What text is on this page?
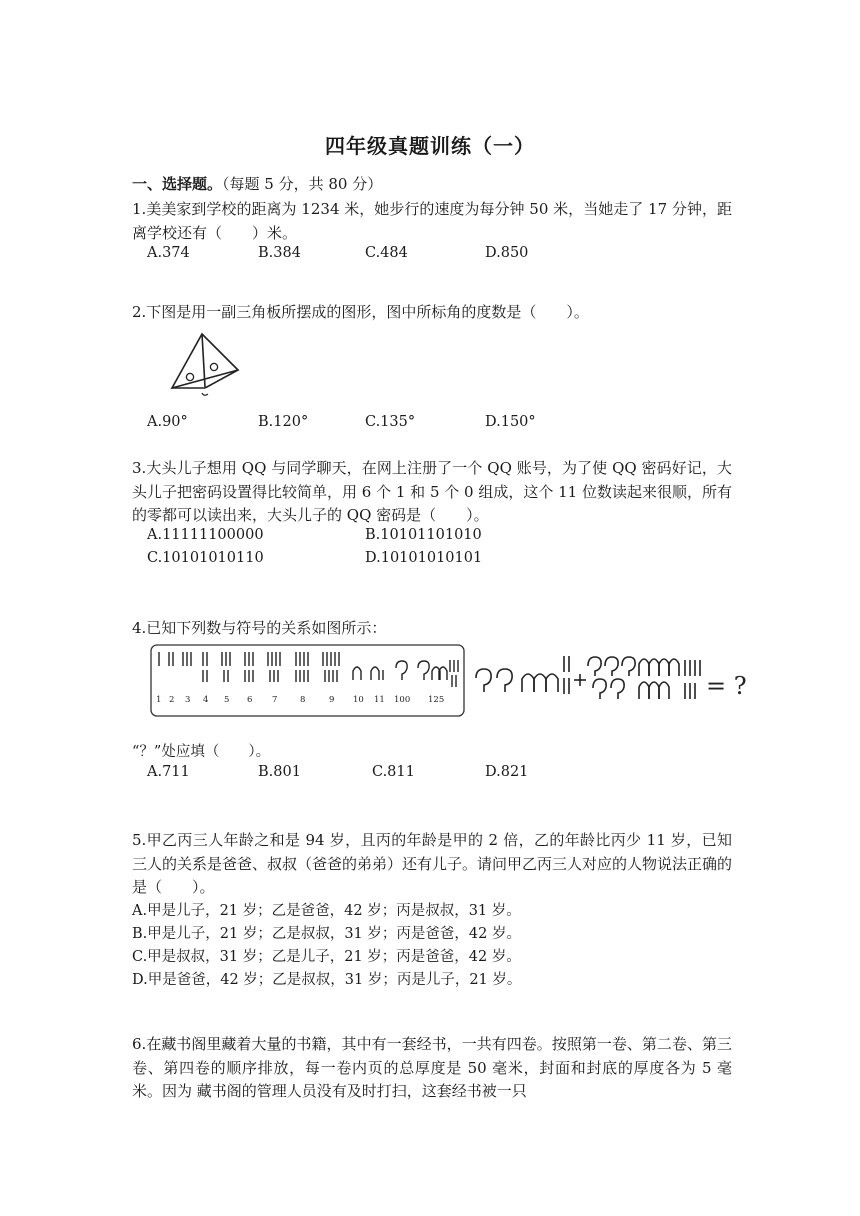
四年级真题训练（一）
一、选择题。（每题 5 分，共 80 分）
1.美美家到学校的距离为 1234 米，她步行的速度为每分钟 50 米，当她走了 17 分钟，距离学校还有（　　）米。
A.374	B.384	C.484	D.850
2.下图是用一副三角板所摆成的图形，图中所标角的度数是（　　）。
A.90°	B.120°	C.135°	D.150°
3.大头儿子想用 QQ 与同学聊天，在网上注册了一个 QQ 账号，为了使 QQ 密码好记，大头儿子把密码设置得比较简单，用 6 个 1 和 5 个 0 组成，这个 11 位数读起来很顺，所有的零都可以读出来，大头儿子的 QQ 密码是（　　）。
A.11111100000	B.10101101010
C.10101010110	D.10101010101
4.已知下列数与符号的关系如图所示：
1 2 3 4 5 6 7	8	9 10 11 100 125	= ?
“？”处应填（　　）。
A.711	B.801	C.811	D.821
5.甲乙丙三人年龄之和是 94 岁，且丙的年龄是甲的 2 倍，乙的年龄比丙少 11 岁，已知三人的关系是爸爸、叔叔（爸爸的弟弟）还有儿子。请问甲乙丙三人对应的人物说法正确的是（　　）。
A.甲是儿子，21 岁；乙是爸爸，42 岁；丙是叔叔，31 岁。
B.甲是儿子，21 岁；乙是叔叔，31 岁；丙是爸爸，42 岁。
C.甲是叔叔，31 岁；乙是儿子，21 岁；丙是爸爸，42 岁。
D.甲是爸爸，42 岁；乙是叔叔，31 岁；丙是儿子，21 岁。
6.在藏书阁里藏着大量的书籍，其中有一套经书，一共有四卷。按照第一卷、第二卷、第三卷、第四卷的顺序排放，每一卷内页的总厚度是 50 毫米，封面和封底的厚度各为 5 毫米。因为 藏书阁的管理人员没有及时打扫，这套经书被一只
